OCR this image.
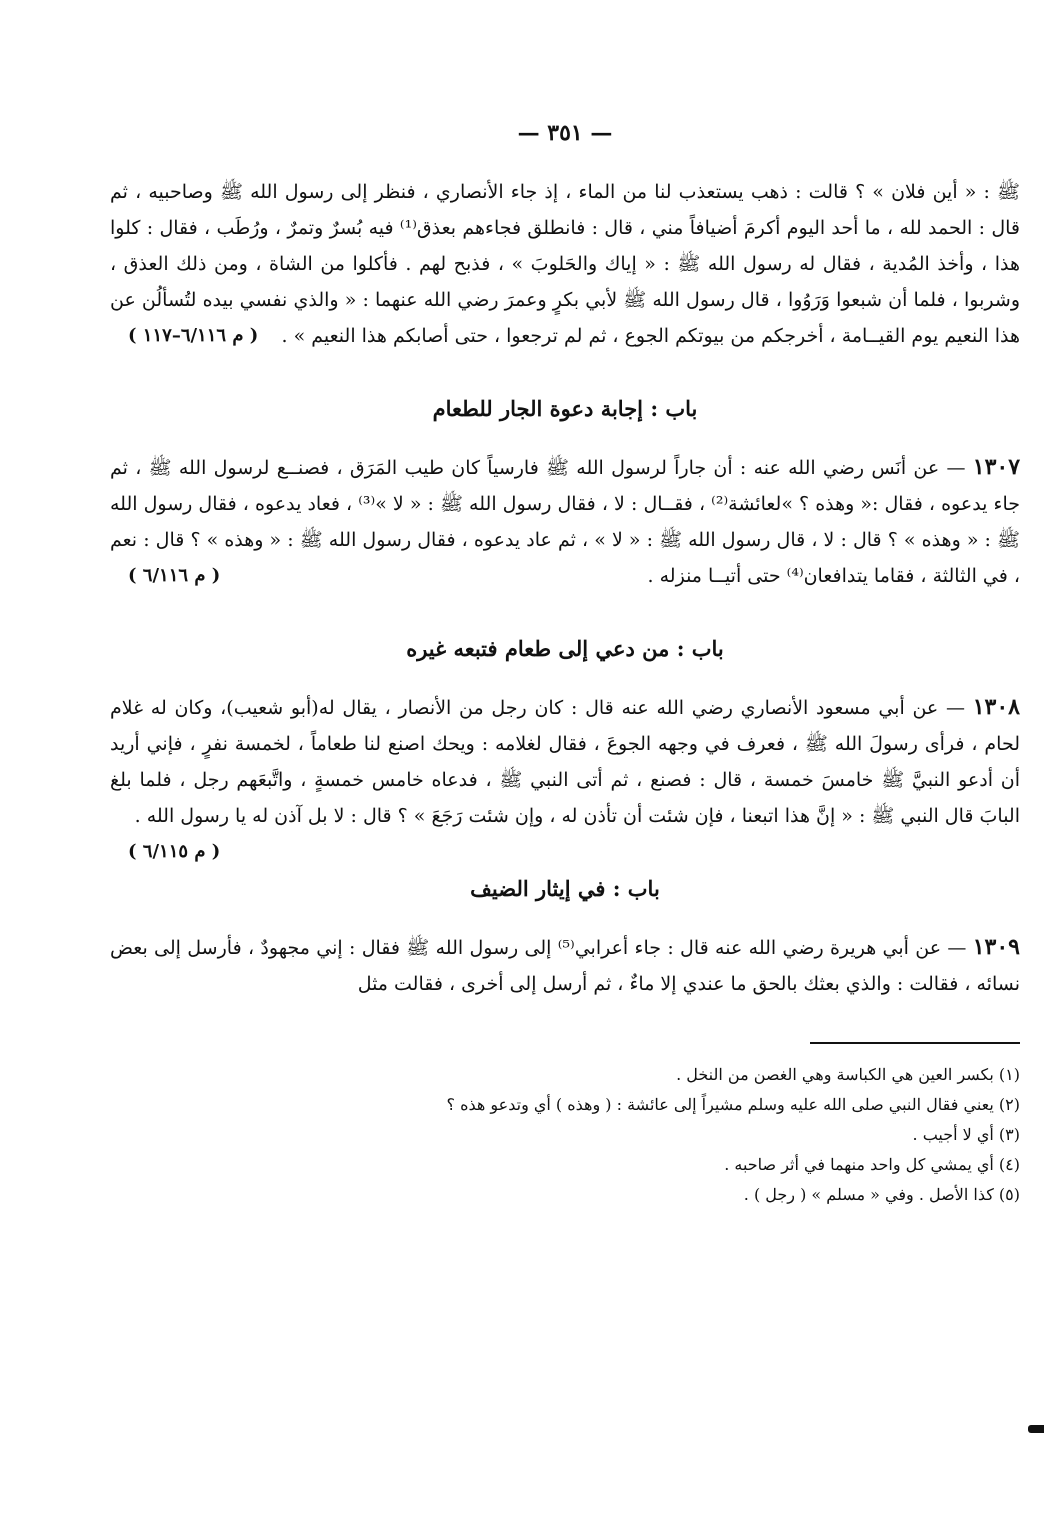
— ٣٥١ —

ﷺ : « أين فلان » ؟ قالت : ذهب يستعذب لنا من الماء ، إذ جاء الأنصاري ، فنظر إلى رسول الله ﷺ وصاحبيه ، ثم قال : الحمد لله ، ما أحد اليوم أكرمَ أضيافاً مني ، قال : فانطلق فجاءهم بعذق⁽¹⁾ فيه بُسرٌ وتمرٌ ، ورُطَب ، فقال : كلوا هذا ، وأخذ المُدية ، فقال له رسول الله ﷺ : « إياك والحَلوبَ » ، فذبح لهم . فأكلوا من الشاة ، ومن ذلك العذق ، وشربوا ، فلما أن شبعوا وَرَوُوا ، قال رسول الله ﷺ لأبي بكرٍ وعمرَ رضي الله عنهما : « والذي نفسي بيده لتُسألُن عن هذا النعيم يوم القيــامة ، أخرجكم من بيوتكم الجوع ، ثم لم ترجعوا ، حتى أصابكم هذا النعيم » .
( م ٦/١١٦–١١٧ )

باب : إجابة دعوة الجار للطعام

١٣٠٧ — عن أنَس رضي الله عنه : أن جاراً لرسول الله ﷺ فارسياً كان طيب المَرَق ، فصنــع لرسول الله ﷺ ، ثم جاء يدعوه ، فقال :« وهذه ؟ »لعائشة⁽²⁾ ، فقــال : لا ، فقال رسول الله ﷺ : « لا »⁽³⁾ ، فعاد يدعوه ، فقال رسول الله ﷺ : « وهذه » ؟ قال : لا ، قال رسول الله ﷺ : « لا » ، ثم عاد يدعوه ، فقال رسول الله ﷺ : « وهذه » ؟ قال : نعم ، في الثالثة ، فقاما يتدافعان⁽⁴⁾ حتى أتيــا منزله .
( م ٦/١١٦ )

باب : من دعي إلى طعام فتبعه غيره

١٣٠٨ — عن أبي مسعود الأنصاري رضي الله عنه قال : كان رجل من الأنصار ، يقال له(أبو شعيب)، وكان له غلام لحام ، فرأى رسولَ الله ﷺ ، فعرف في وجهه الجوعَ ، فقال لغلامه : ويحك اصنع لنا طعاماً ، لخمسة نفرٍ ، فإني أريد أن أدعو النبيَّ ﷺ خامسَ خمسة ، قال : فصنع ، ثم أتى النبي ﷺ ، فدعاه خامس خمسةٍ ، واتَّبعَهم رجل ، فلما بلغ البابَ قال النبي ﷺ : « إنَّ هذا اتبعنا ، فإن شئت أن تأذن له ، وإن شئت رَجَعَ » ؟ قال : لا بل آذن له يا رسول الله .
( م ٦/١١٥ )

باب : في إيثار الضيف

١٣٠٩ — عن أبي هريرة رضي الله عنه قال : جاء أعرابي⁽⁵⁾ إلى رسول الله ﷺ فقال : إني مجهودٌ ، فأرسل إلى بعض نسائه ، فقالت : والذي بعثك بالحق ما عندي إلا ماءٌ ، ثم أرسل إلى أخرى ، فقالت مثل

(١) بكسر العين هي الكباسة وهي الغصن من النخل .

(٢) يعني فقال النبي صلى الله عليه وسلم مشيراً إلى عائشة : ( وهذه ) أي وتدعو هذه ؟

(٣) أي لا أجيب .

(٤) أي يمشي كل واحد منهما في أثر صاحبه .

(٥) كذا الأصل . وفي « مسلم » ( رجل ) .
